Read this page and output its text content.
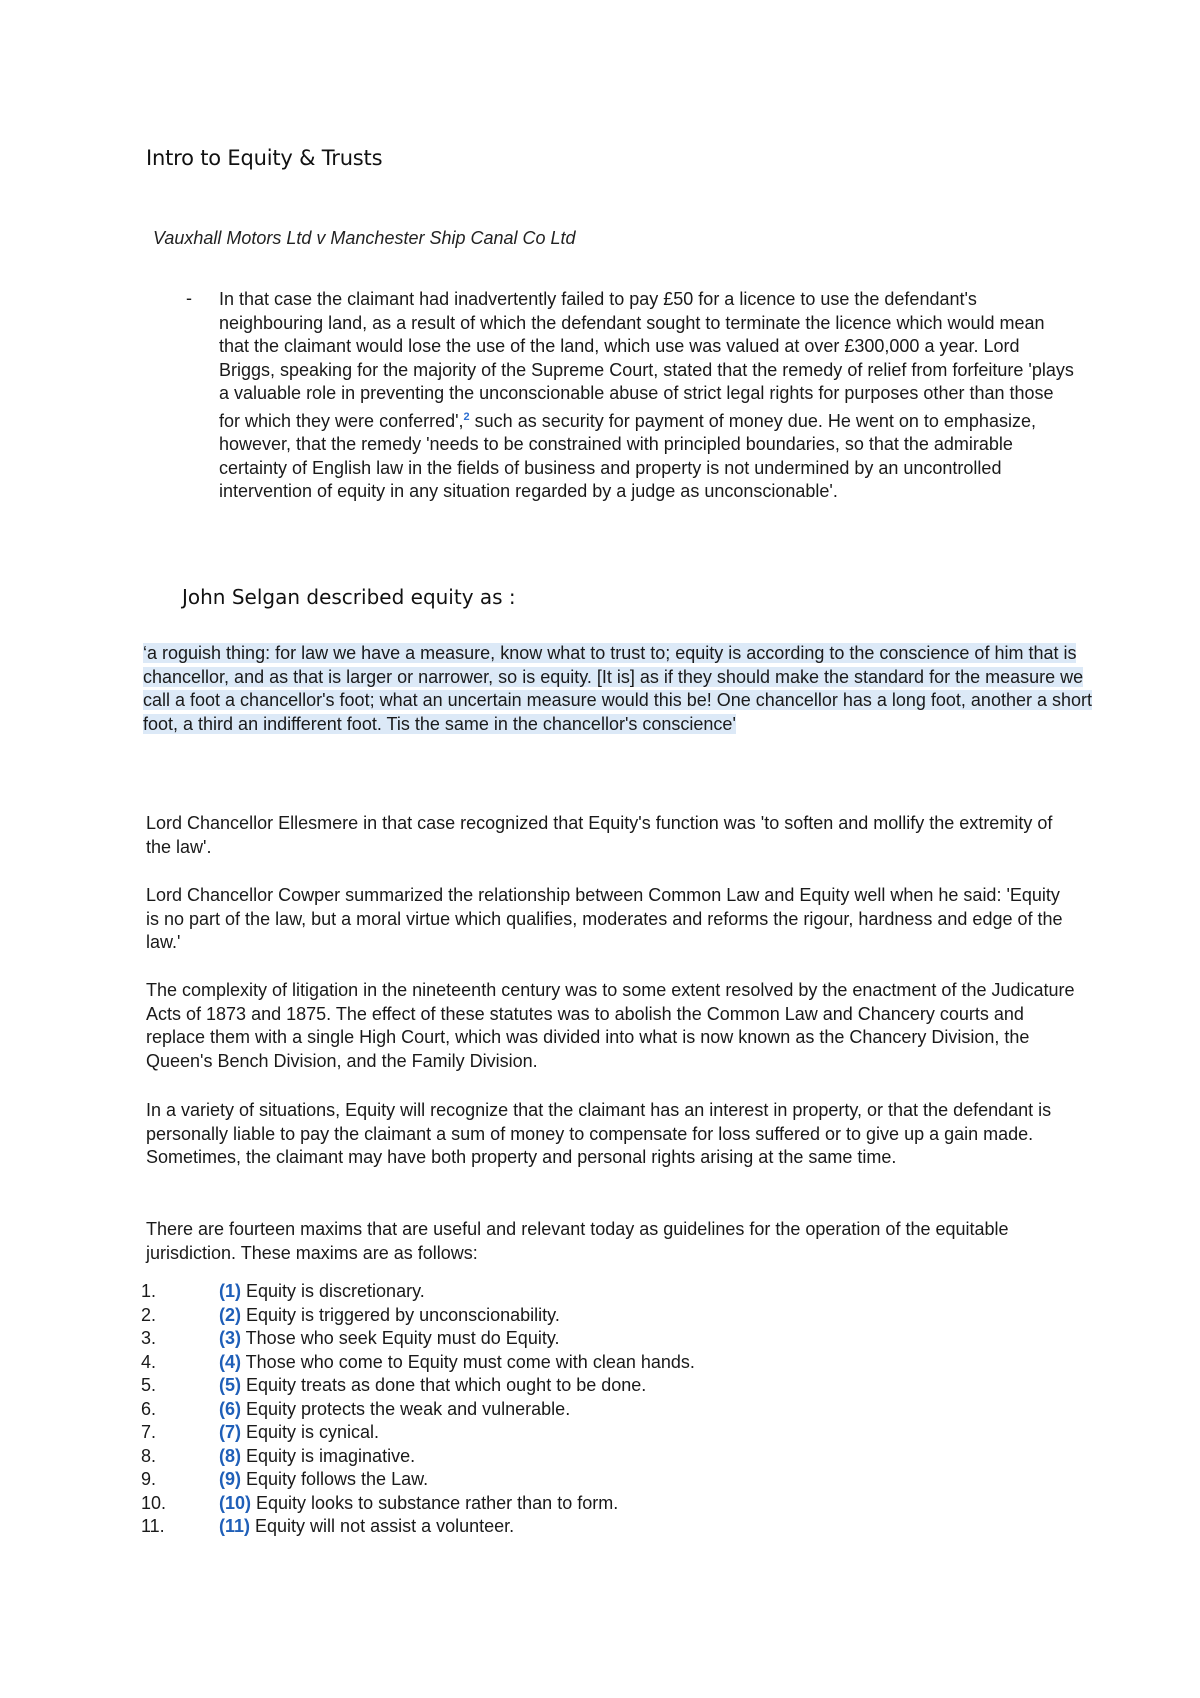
Intro to Equity & Trusts
Vauxhall Motors Ltd v Manchester Ship Canal Co Ltd
- In that case the claimant had inadvertently failed to pay £50 for a licence to use the defendant's neighbouring land, as a result of which the defendant sought to terminate the licence which would mean that the claimant would lose the use of the land, which use was valued at over £300,000 a year. Lord Briggs, speaking for the majority of the Supreme Court, stated that the remedy of relief from forfeiture 'plays a valuable role in preventing the unconscionable abuse of strict legal rights for purposes other than those for which they were conferred',$^2$ such as security for payment of money due. He went on to emphasize, however, that the remedy 'needs to be constrained with principled boundaries, so that the admirable certainty of English law in the fields of business and property is not undermined by an uncontrolled intervention of equity in any situation regarded by a judge as unconscionable'.
John Selgan described equity as :
‘a roguish thing: for law we have a measure, know what to trust to; equity is according to the conscience of him that is chancellor, and as that is larger or narrower, so is equity. [It is] as if they should make the standard for the measure we call a foot a chancellor's foot; what an uncertain measure would this be! One chancellor has a long foot, another a short foot, a third an indifferent foot. Tis the same in the chancellor's conscience'

Lord Chancellor Ellesmere in that case recognized that Equity's function was 'to soften and mollify the extremity of the law'.

Lord Chancellor Cowper summarized the relationship between Common Law and Equity well when he said: 'Equity is no part of the law, but a moral virtue which qualifies, moderates and reforms the rigour, hardness and edge of the law.'

The complexity of litigation in the nineteenth century was to some extent resolved by the enactment of the Judicature Acts of 1873 and 1875. The effect of these statutes was to abolish the Common Law and Chancery courts and replace them with a single High Court, which was divided into what is now known as the Chancery Division, the Queen's Bench Division, and the Family Division.

In a variety of situations, Equity will recognize that the claimant has an interest in property, or that the defendant is personally liable to pay the claimant a sum of money to compensate for loss suffered or to give up a gain made. Sometimes, the claimant may have both property and personal rights arising at the same time.

There are fourteen maxims that are useful and relevant today as guidelines for the operation of the equitable jurisdiction. These maxims are as follows:

1.	(1) Equity is discretionary.
2.	(2) Equity is triggered by unconscionability.
3.	(3) Those who seek Equity must do Equity.
4.	(4) Those who come to Equity must come with clean hands.
5.	(5) Equity treats as done that which ought to be done.
6.	(6) Equity protects the weak and vulnerable.
7.	(7) Equity is cynical.
8.	(8) Equity is imaginative.
9.	(9) Equity follows the Law.
10.	(10) Equity looks to substance rather than to form.
11.	(11) Equity will not assist a volunteer.
